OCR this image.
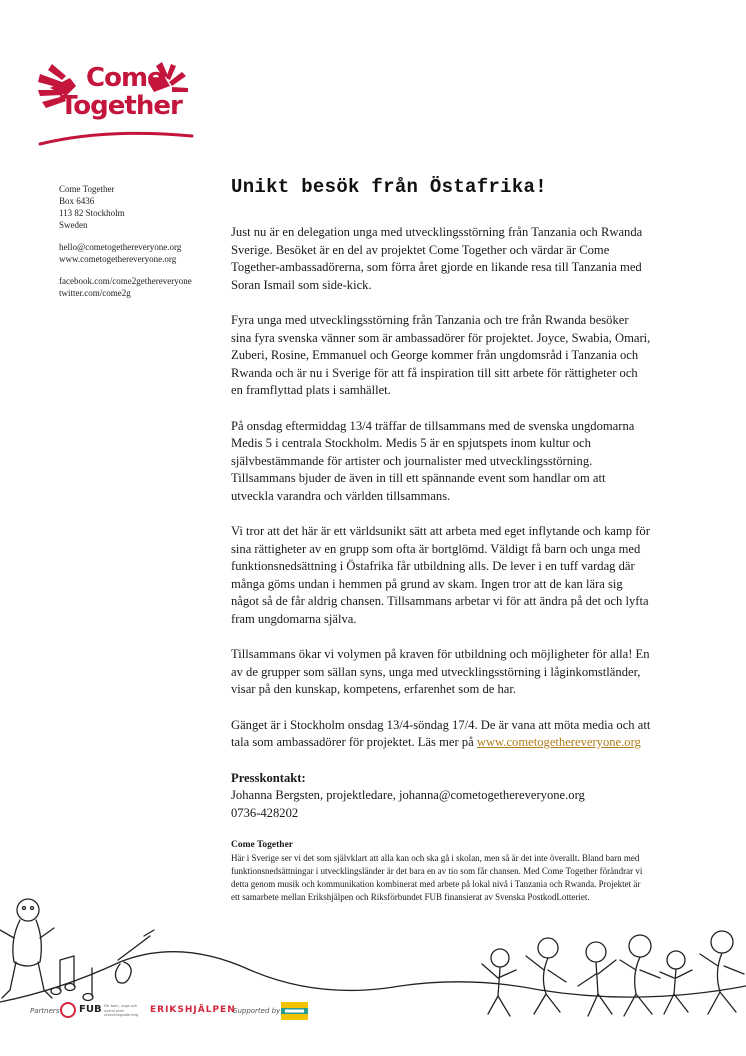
Come
Together

Come Together
Box 6436
113 82 Stockholm
Sweden

hello@cometogethereveryone.org
www.cometogethereveryone.org

facebook.com/come2gethereveryone
twitter.com/come2g

Unikt besök från Östafrika!

Just nu är en delegation unga med utvecklingsstörning från Tanzania och Rwanda Sverige. Besöket är en del av projektet Come Together och värdar är Come Together-ambassadörerna, som förra året gjorde en likande resa till Tanzania med Soran Ismail som side-kick.

Fyra unga med utvecklingsstörning från Tanzania och tre från Rwanda besöker sina fyra svenska vänner som är ambassadörer för projektet. Joyce, Swabia, Omari, Zuberi, Rosine, Emmanuel och George kommer från ungdomsråd i Tanzania och Rwanda och är nu i Sverige för att få inspiration till sitt arbete för rättigheter och en framflyttad plats i samhället.

På onsdag eftermiddag 13/4 träffar de tillsammans med de svenska ungdomarna Medis 5 i centrala Stockholm. Medis 5 är en spjutspets inom kultur och självbestämmande för artister och journalister med utvecklingsstörning. Tillsammans bjuder de även in till ett spännande event som handlar om att utveckla varandra och världen tillsammans.

Vi tror att det här är ett världsunikt sätt att arbeta med eget inflytande och kamp för sina rättigheter av en grupp som ofta är bortglömd. Väldigt få barn och unga med funktionsnedsättning i Östafrika får utbildning alls. De lever i en tuff vardag där många göms undan i hemmen på grund av skam. Ingen tror att de kan lära sig något så de får aldrig chansen. Tillsammans arbetar vi för att ändra på det och lyfta fram ungdomarna själva.

Tillsammans ökar vi volymen på kraven för utbildning och möjligheter för alla! En av de grupper som sällan syns, unga med utvecklingsstörning i låginkomstländer, visar på den kunskap, kompetens, erfarenhet som de har.

Gänget är i Stockholm onsdag 13/4-söndag 17/4. De är vana att möta media och att tala som ambassadörer för projektet. Läs mer på www.cometogethereveryone.org

Presskontakt:

Johanna Bergsten, projektledare, johanna@cometogethereveryone.org

0736-428202

Come Together

Här i Sverige ser vi det som självklart att alla kan och ska gå i skolan, men så är det inte överallt. Bland barn med funktionsnedsättningar i utvecklingsländer är det bara en av tio som får chansen. Med Come Together förändrar vi detta genom musik och kommunikation kombinerat med arbete på lokal nivå i Tanzania och Rwanda. Projektet är ett samarbete mellan Erikshjälpen och Riksförbundet FUB finansierat av Svenska PostkodLotteriet.

Partners FUB För barn, unga och vuxna med utvecklingsstörning	ERIKSHJÄLPEN
Supported by
